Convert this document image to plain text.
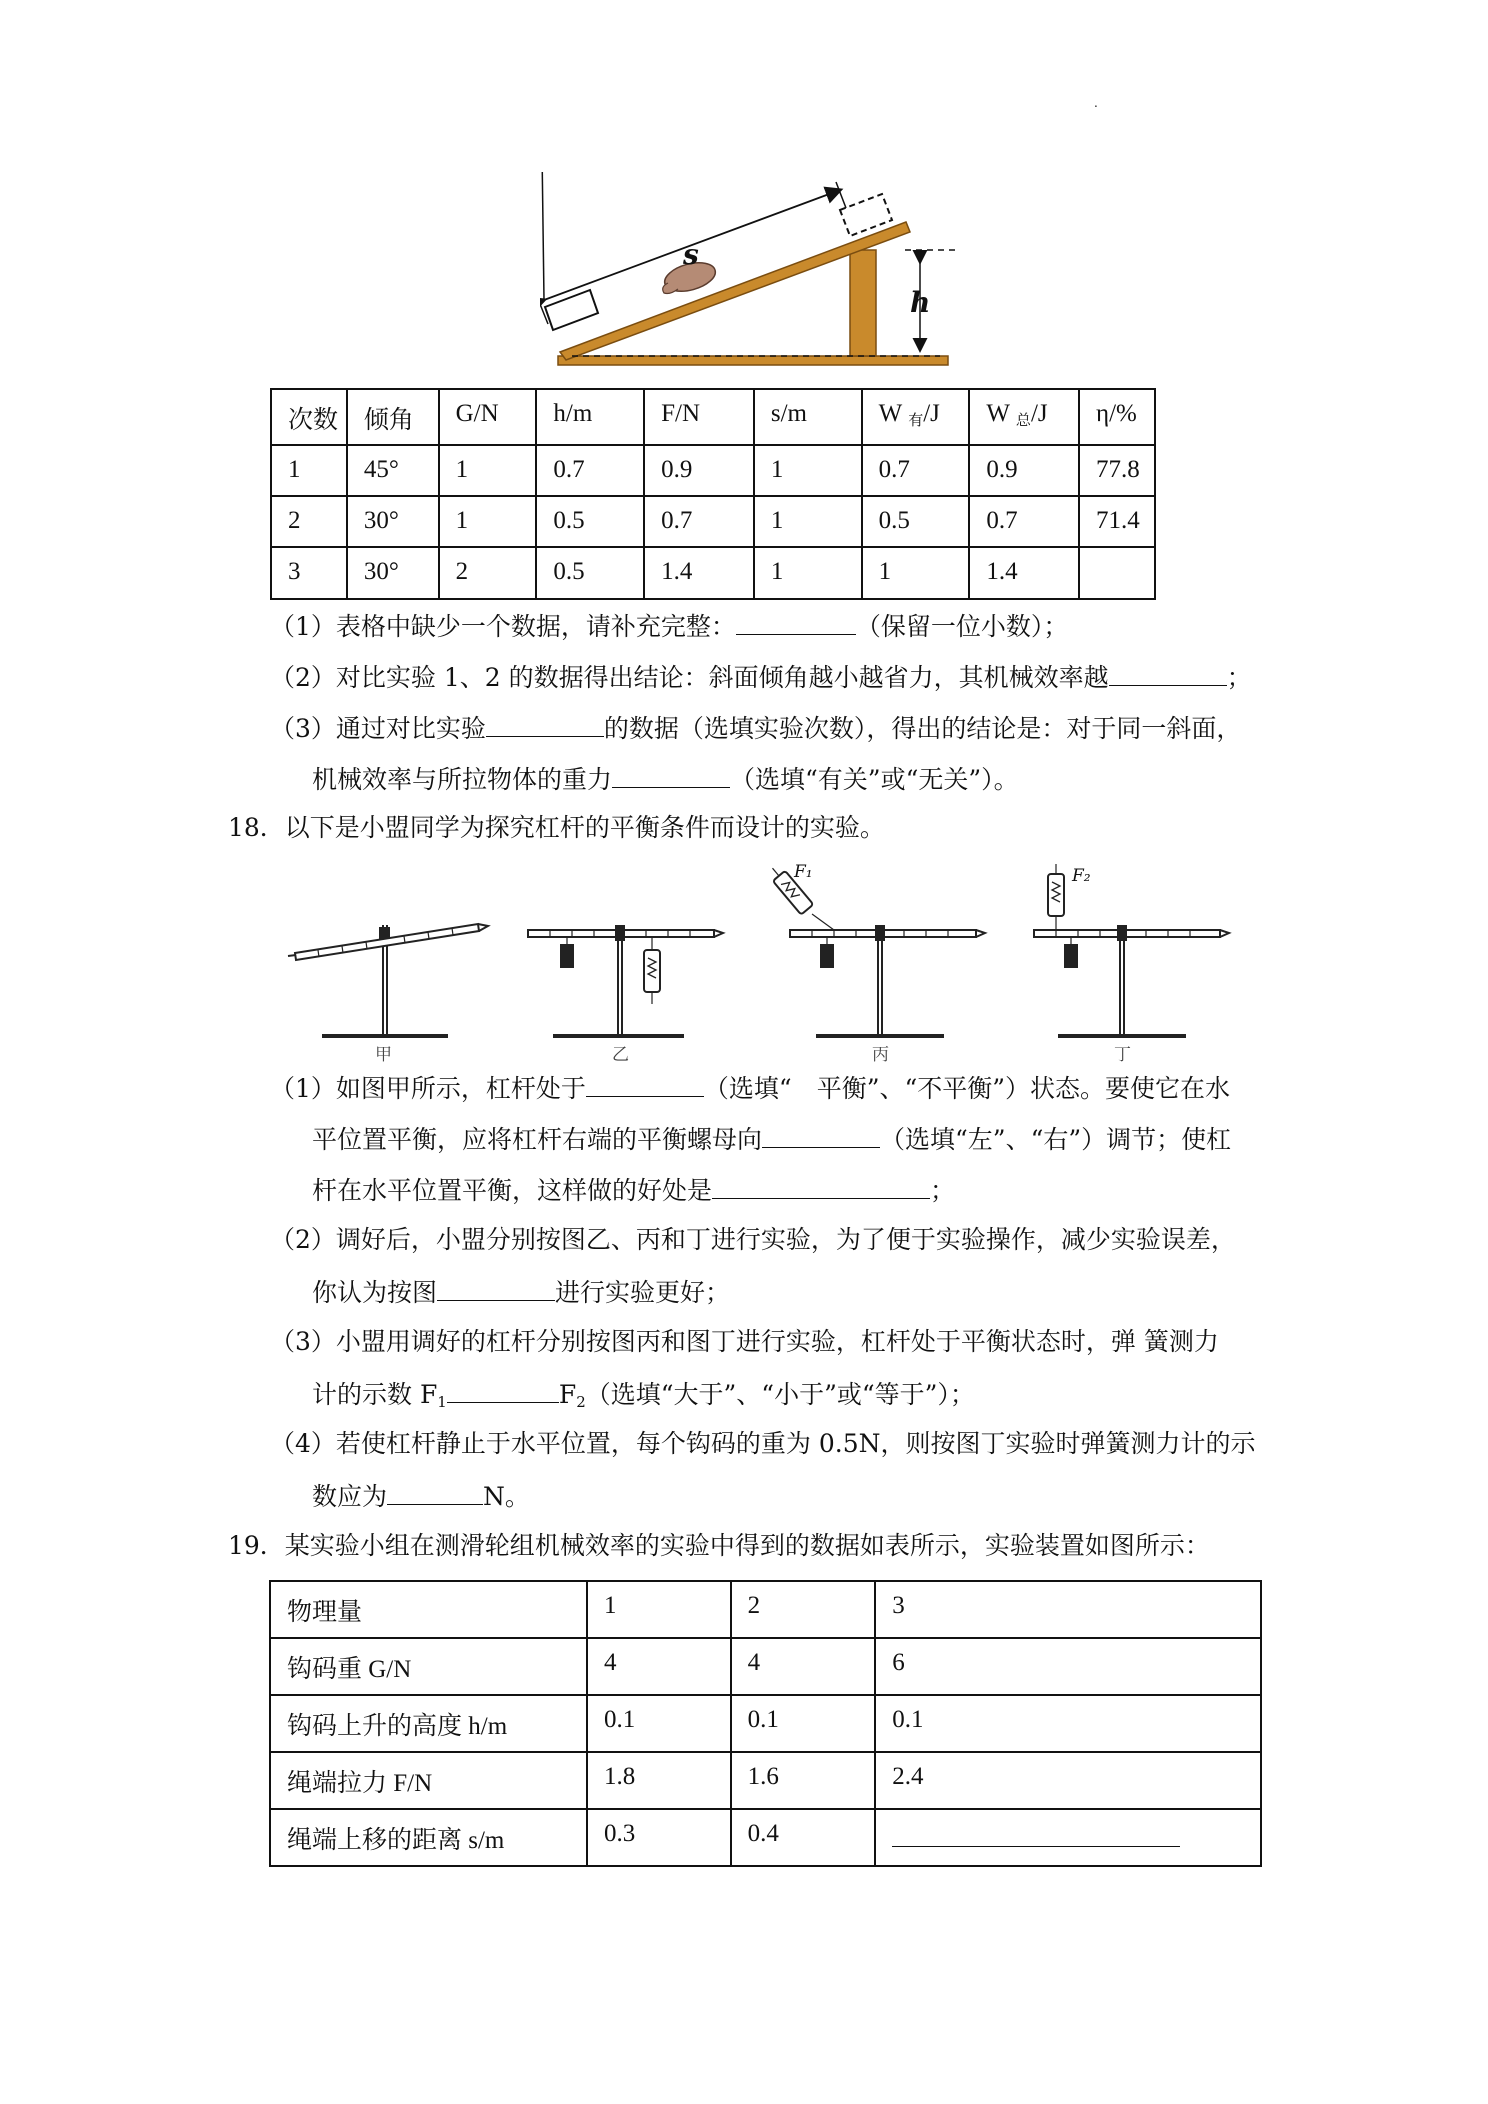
.
s
h
次数	倾角	G/N	h/m	F/N	s/m	W $_有$/J	W $_总$/J	η/%
1	45°	1	0.7	0.9	1	0.7	0.9	77.8
2	30°	1	0.5	0.7	1	0.5	0.7	71.4
3	30°	2	0.5	1.4	1	1	1.4	
（1）表格中缺少一个数据，请补充完整：	（保留一位小数）；
（2）对比实验 1、2 的数据得出结论：斜面倾角越小越省力，其机械效率越	；
（3）通过对比实验	的数据（选填实验次数），得出的结论是：对于同一斜面，
机械效率与所拉物体的重力	（选填“有关”或“无关”）。
18．以下是小盟同学为探究杠杆的平衡条件而设计的实验。
F₁	F₂
甲	乙	丙	丁
（1）如图甲所示，杠杆处于	（选填“　平衡”、“不平衡”）状态。要使它在水
平位置平衡，应将杠杆右端的平衡螺母向	（选填“左”、“右”）调节；使杠
杆在水平位置平衡，这样做的好处是	；
（2）调好后，小盟分别按图乙、丙和丁进行实验，为了便于实验操作，减少实验误差，
你认为按图	进行实验更好；
（3）小盟用调好的杠杆分别按图丙和图丁进行实验，杠杆处于平衡状态时，弹 簧测力
计的示数 $F_1$	$F_2$（选填“大于”、“小于”或“等于”）；
（4）若使杠杆静止于水平位置，每个钩码的重为 0.5N，则按图丁实验时弹簧测力计的示
数应为	N。
19．某实验小组在测滑轮组机械效率的实验中得到的数据如表所示，实验装置如图所示：
物理量	1	2	3
钩码重 G/N	4	4	6
钩码上升的高度 h/m	0.1	0.1	0.1
绳端拉力 F/N	1.8	1.6	2.4
绳端上移的距离 s/m	0.3	0.4	
